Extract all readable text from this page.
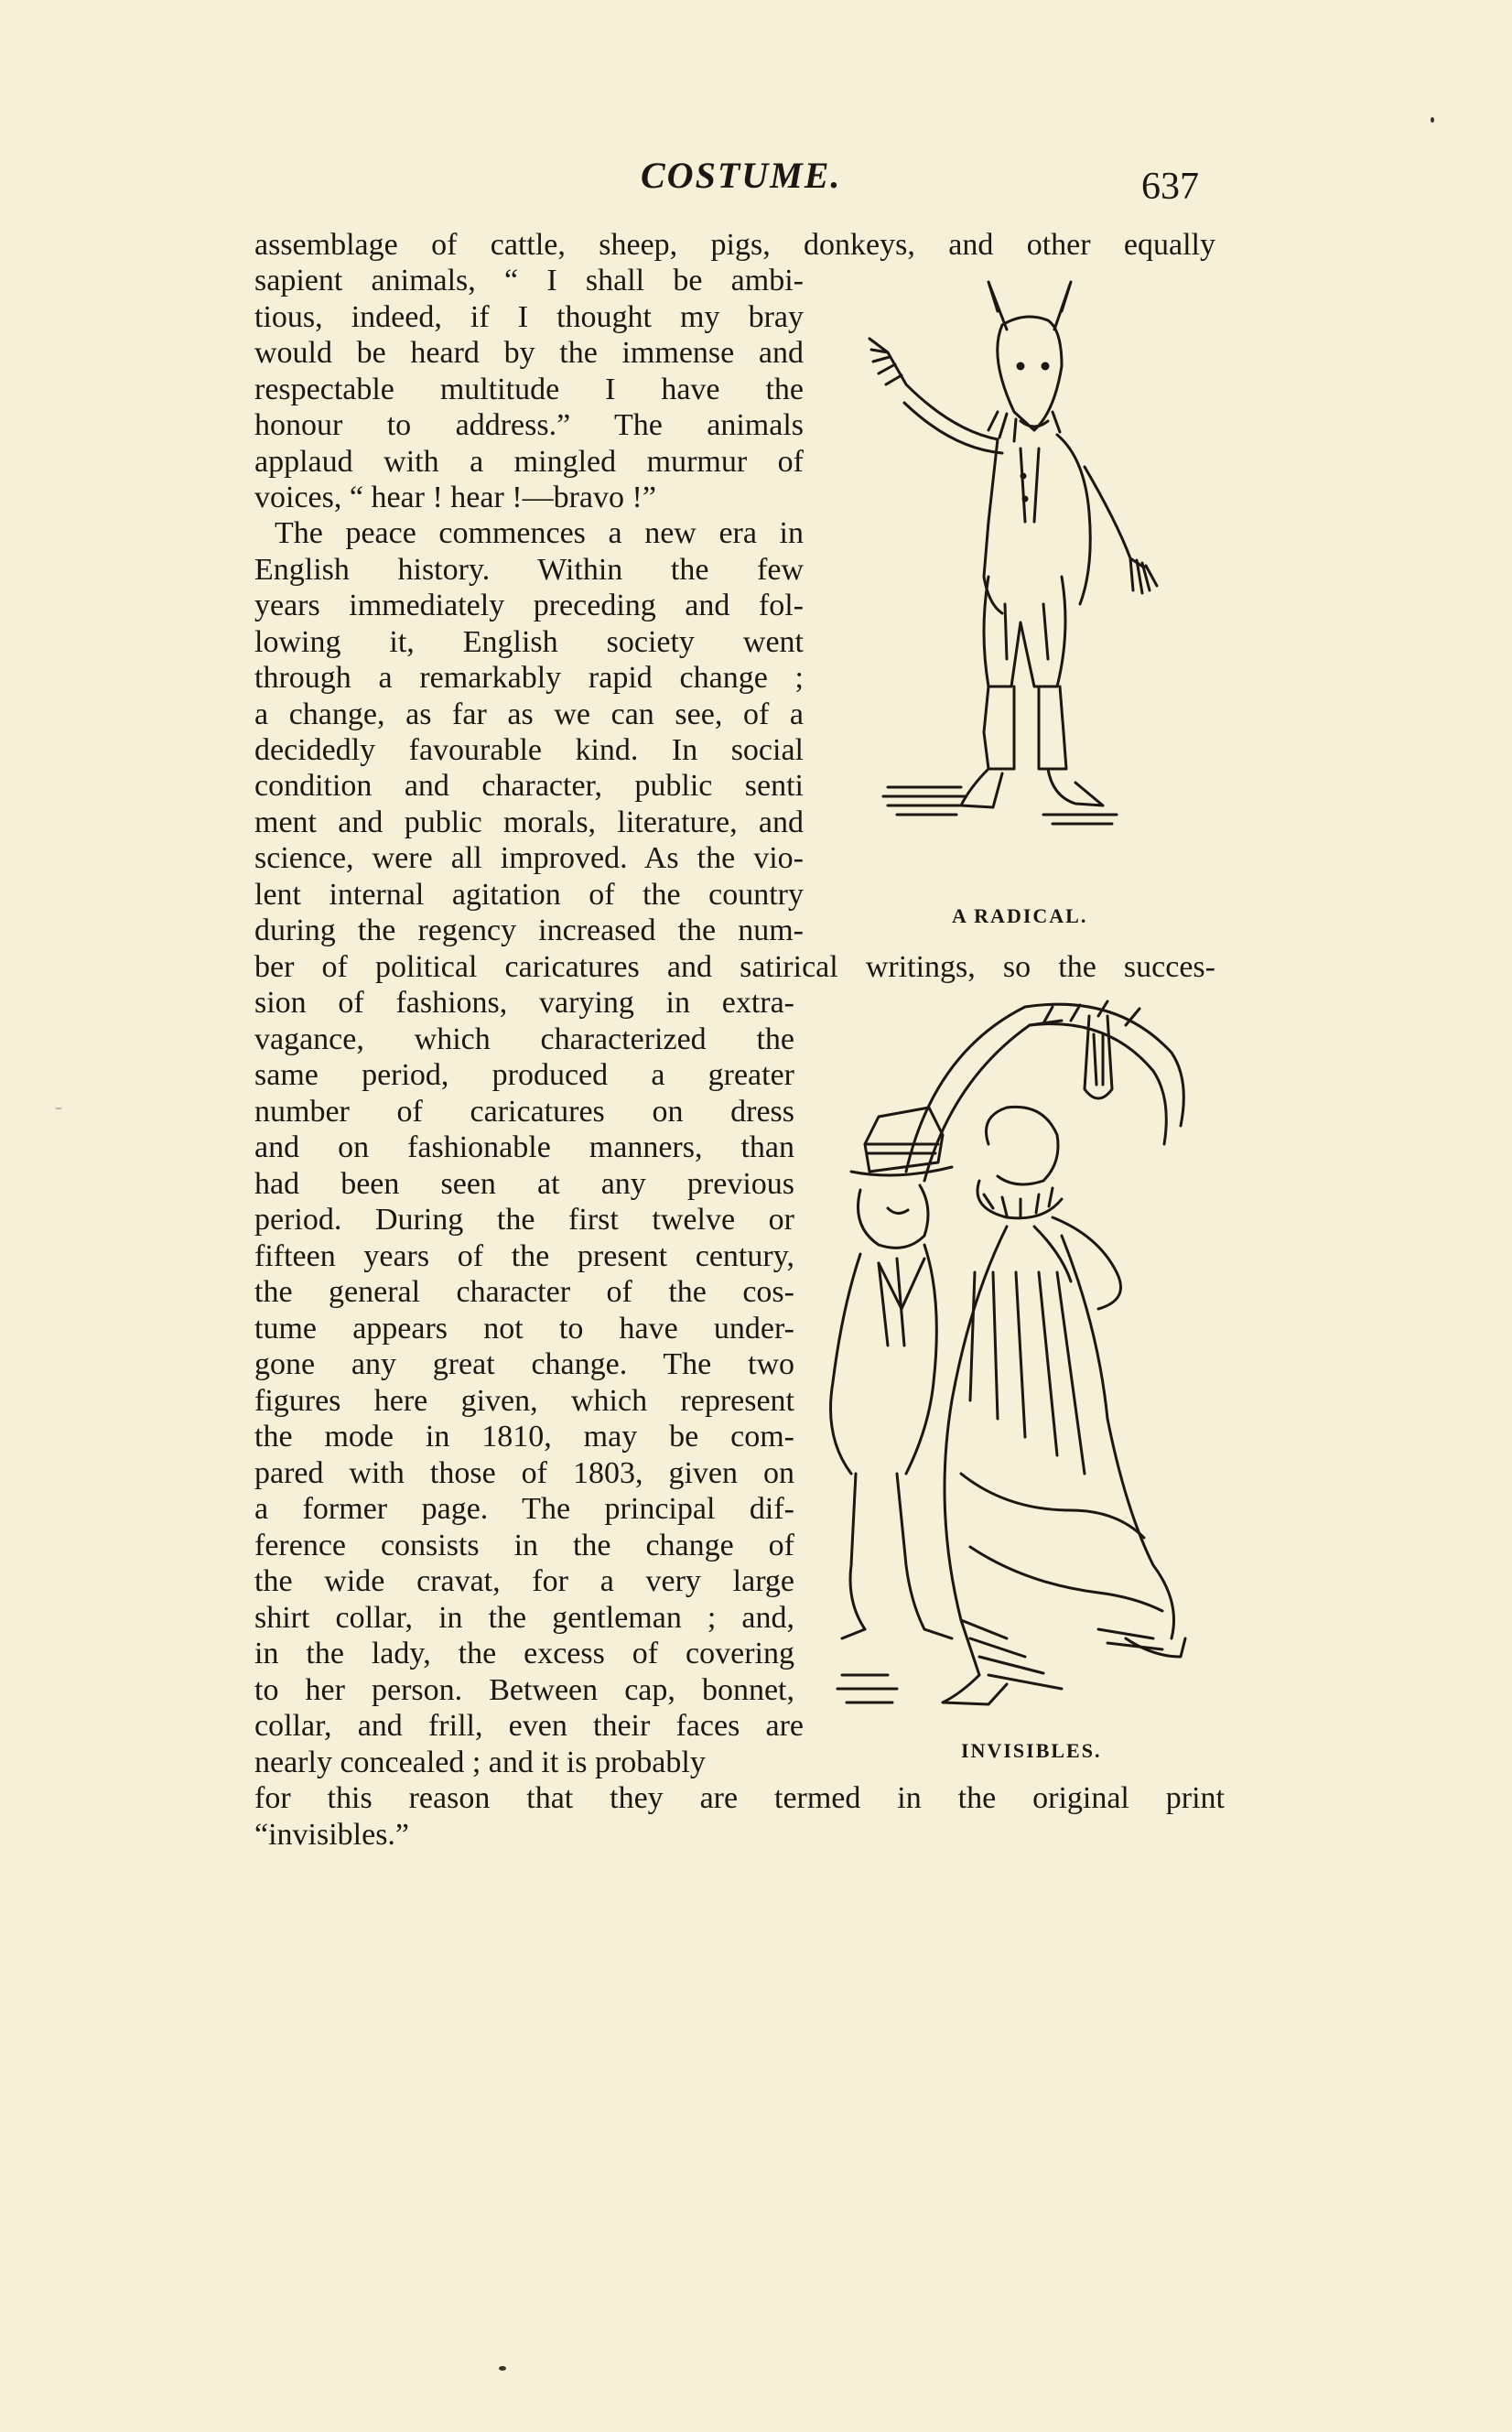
COSTUME.	637
assemblage of cattle, sheep, pigs, donkeys, and other equally
sapient animals, “ I shall be ambi-
tious, indeed, if I thought my bray
would be heard by the immense and
respectable multitude I have the
honour to address.” The animals
applaud with a mingled murmur of
voices, “ hear ! hear !—bravo !”
The peace commences a new era in
English history. Within the few
years immediately preceding and fol-
lowing it, English society went
through a remarkably rapid change ;
a change, as far as we can see, of a
decidedly favourable kind. In social
condition and character, public senti
ment and public morals, literature, and
science, were all improved. As the vio-
lent internal agitation of the country
during the regency increased the num-
ber of political caricatures and satirical writings, so the succes-
sion of fashions, varying in extra-
vagance, which characterized the
same period, produced a greater
number of caricatures on dress
and on fashionable manners, than
had been seen at any previous
period. During the first twelve or
fifteen years of the present century,
the general character of the cos-
tume appears not to have under-
gone any great change. The two
figures here given, which represent
the mode in 1810, may be com-
pared with those of 1803, given on
a former page. The principal dif-
ference consists in the change of
the wide cravat, for a very large
shirt collar, in the gentleman ; and,
in the lady, the excess of covering
to her person. Between cap, bonnet,
collar, and frill, even their faces are
nearly concealed ; and it is probably
for this reason that they are termed in the original print
“invisibles.”
A RADICAL.
INVISIBLES.
